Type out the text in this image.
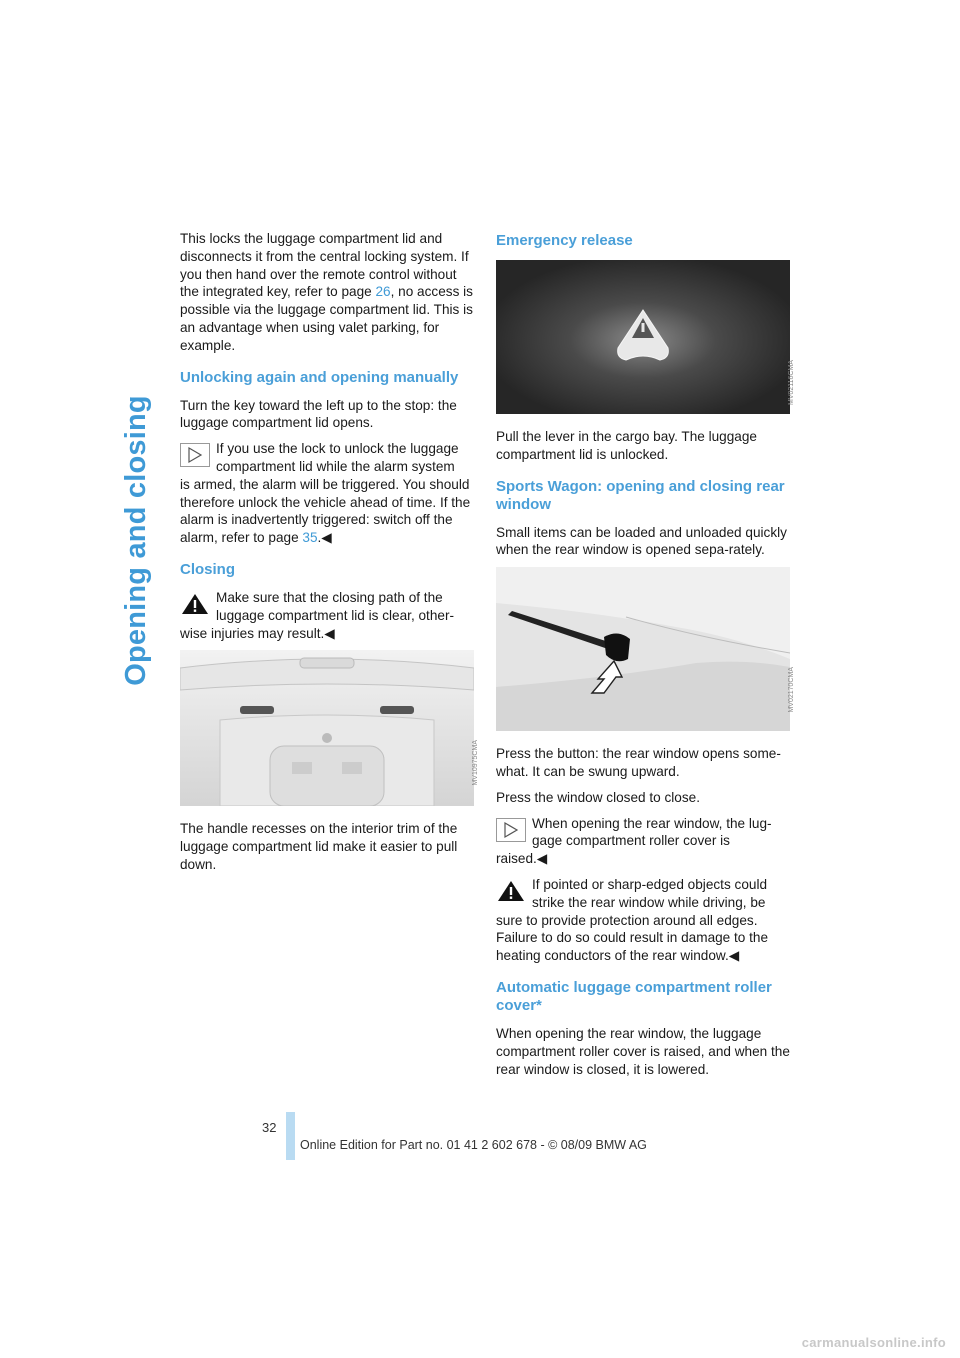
Opening and closing

This locks the luggage compartment lid and disconnects it from the central locking system. If you then hand over the remote control without the integrated key, refer to page 26, no access is possible via the luggage compartment lid. This is an advantage when using valet parking, for example.

Unlocking again and opening manually

Turn the key toward the left up to the stop: the luggage compartment lid opens.

If you use the lock to unlock the luggage compartment lid while the alarm system
is armed, the alarm will be triggered. You should therefore unlock the vehicle ahead of time. If the alarm is inadvertently triggered: switch off the alarm, refer to page 35.◀
Closing
Make sure that the closing path of the luggage compartment lid is clear, other-
wise injuries may result.◀
MV10975CMA

The handle recesses on the interior trim of the luggage compartment lid make it easier to pull down.

Emergency release
MV02116CMA

Pull the lever in the cargo bay. The luggage compartment lid is unlocked.

Sports Wagon: opening and closing rear window

Small items can be loaded and unloaded quickly when the rear window is opened sepa-rately.

MV02170CMA

Press the button: the rear window opens some-what. It can be swung upward.

Press the window closed to close.

When opening the rear window, the lug-gage compartment roller cover is
raised.◀
If pointed or sharp-edged objects could strike the rear window while driving, be
sure to provide protection around all edges. Failure to do so could result in damage to the heating conductors of the rear window.◀
Automatic luggage compartment roller cover*

When opening the rear window, the luggage compartment roller cover is raised, and when the rear window is closed, it is lowered.

32
Online Edition for Part no. 01 41 2 602 678 - © 08/09 BMW AG
carmanualsonline.info
